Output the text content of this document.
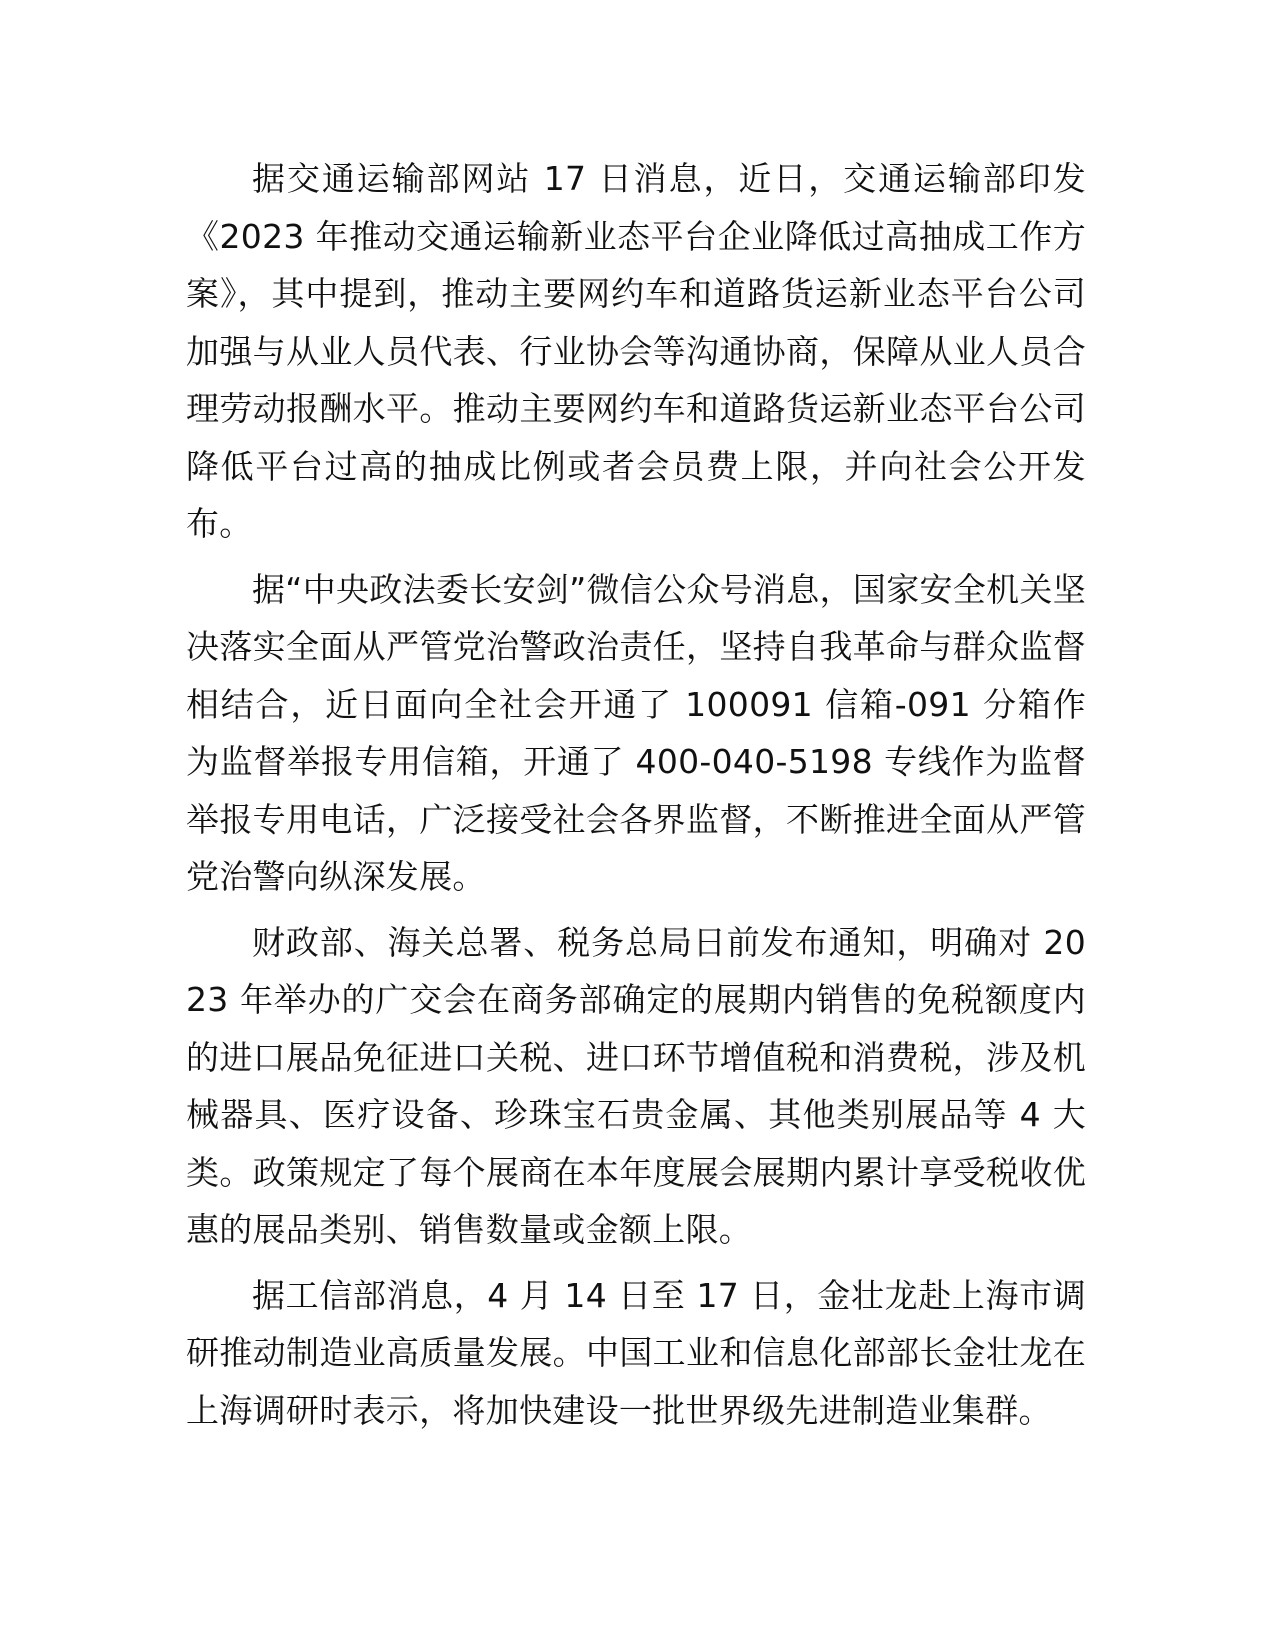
据交通运输部网站 17 日消息，近日，交通运输部印发《2023 年推动交通运输新业态平台企业降低过高抽成工作方案》，其中提到，推动主要网约车和道路货运新业态平台公司加强与从业人员代表、行业协会等沟通协商，保障从业人员合理劳动报酬水平。推动主要网约车和道路货运新业态平台公司降低平台过高的抽成比例或者会员费上限，并向社会公开发布。

据“中央政法委长安剑”微信公众号消息，国家安全机关坚决落实全面从严管党治警政治责任，坚持自我革命与群众监督相结合，近日面向全社会开通了 100091 信箱-091 分箱作为监督举报专用信箱，开通了 400-040-5198 专线作为监督举报专用电话，广泛接受社会各界监督，不断推进全面从严管党治警向纵深发展。

财政部、海关总署、税务总局日前发布通知，明确对 2023 年举办的广交会在商务部确定的展期内销售的免税额度内的进口展品免征进口关税、进口环节增值税和消费税，涉及机械器具、医疗设备、珍珠宝石贵金属、其他类别展品等 4 大类。政策规定了每个展商在本年度展会展期内累计享受税收优惠的展品类别、销售数量或金额上限。

据工信部消息，4 月 14 日至 17 日，金壮龙赴上海市调研推动制造业高质量发展。中国工业和信息化部部长金壮龙在上海调研时表示，将加快建设一批世界级先进制造业集群。
